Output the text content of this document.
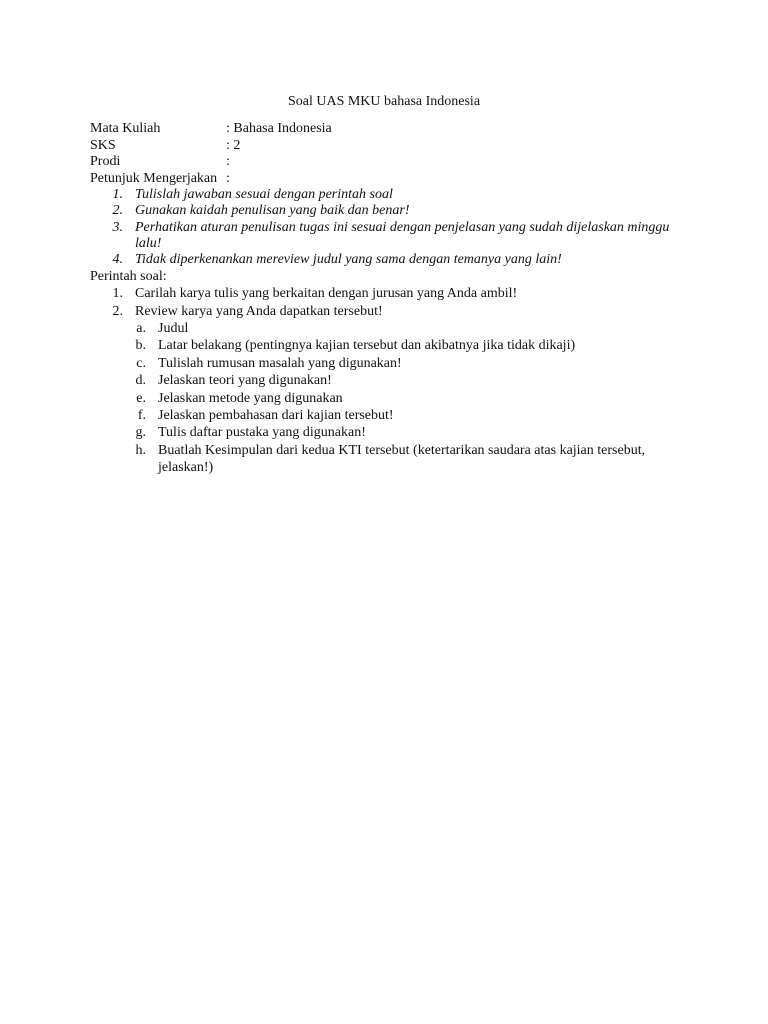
Soal UAS MKU bahasa Indonesia
Mata Kuliah	: Bahasa Indonesia
SKS	: 2
Prodi	:
Petunjuk Mengerjakan :
1. Tulislah jawaban sesuai dengan perintah soal
2. Gunakan kaidah penulisan yang baik dan benar!
3. Perhatikan aturan penulisan tugas ini sesuai dengan penjelasan yang sudah dijelaskan minggu lalu!
4. Tidak diperkenankan mereview judul yang sama dengan temanya yang lain!
Perintah soal:
1. Carilah karya tulis yang berkaitan dengan jurusan yang Anda ambil!
2. Review karya yang Anda dapatkan tersebut!
a. Judul
b. Latar belakang (pentingnya kajian tersebut dan akibatnya jika tidak dikaji)
c. Tulislah rumusan masalah yang digunakan!
d. Jelaskan teori yang digunakan!
e. Jelaskan metode yang digunakan
f. Jelaskan pembahasan dari kajian tersebut!
g. Tulis daftar pustaka yang digunakan!
h. Buatlah Kesimpulan dari kedua KTI tersebut (ketertarikan saudara atas kajian tersebut, jelaskan!)
